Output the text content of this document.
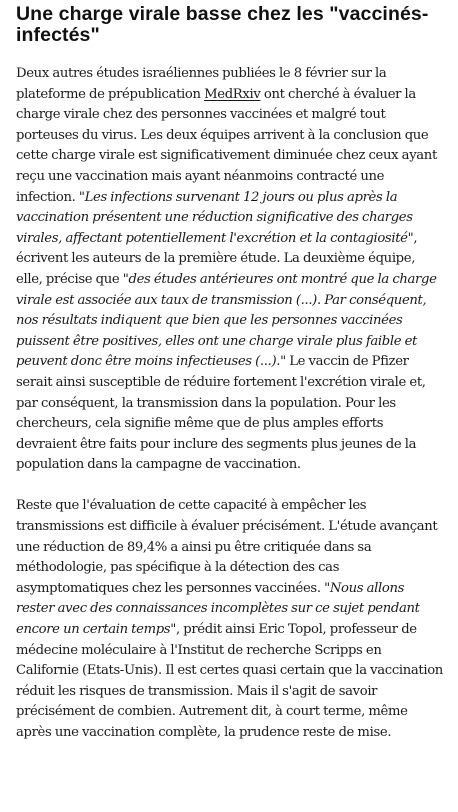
Une charge virale basse chez les "vaccinés-infectés"

Deux autres études israéliennes publiées le 8 février sur la plateforme de prépublication MedRxiv ont cherché à évaluer la charge virale chez des personnes vaccinées et malgré tout porteuses du virus. Les deux équipes arrivent à la conclusion que cette charge virale est significativement diminuée chez ceux ayant reçu une vaccination mais ayant néanmoins contracté une infection. "Les infections survenant 12 jours ou plus après la vaccination présentent une réduction significative des charges virales, affectant potentiellement l'excrétion et la contagiosité", écrivent les auteurs de la première étude. La deuxième équipe, elle, précise que "des études antérieures ont montré que la charge virale est associée aux taux de transmission (...). Par conséquent, nos résultats indiquent que bien que les personnes vaccinées puissent être positives, elles ont une charge virale plus faible et peuvent donc être moins infectieuses (...)." Le vaccin de Pfizer serait ainsi susceptible de réduire fortement l'excrétion virale et, par conséquent, la transmission dans la population. Pour les chercheurs, cela signifie même que de plus amples efforts devraient être faits pour inclure des segments plus jeunes de la population dans la campagne de vaccination.

Reste que l'évaluation de cette capacité à empêcher les transmissions est difficile à évaluer précisément. L'étude avançant une réduction de 89,4% a ainsi pu être critiquée dans sa méthodologie, pas spécifique à la détection des cas asymptomatiques chez les personnes vaccinées. "Nous allons rester avec des connaissances incomplètes sur ce sujet pendant encore un certain temps", prédit ainsi Eric Topol, professeur de médecine moléculaire à l'Institut de recherche Scripps en Californie (Etats-Unis). Il est certes quasi certain que la vaccination réduit les risques de transmission. Mais il s'agit de savoir précisément de combien. Autrement dit, à court terme, même après une vaccination complète, la prudence reste de mise.
